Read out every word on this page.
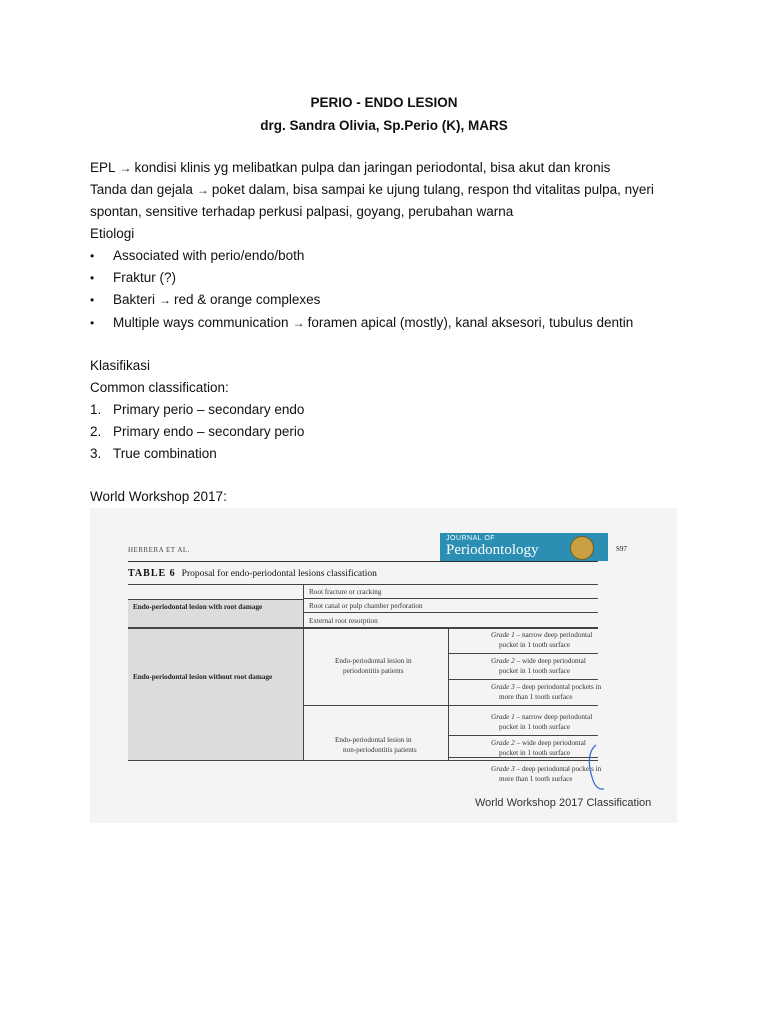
PERIO - ENDO LESION
drg. Sandra Olivia, Sp.Perio (K), MARS
EPL → kondisi klinis yg melibatkan pulpa dan jaringan periodontal, bisa akut dan kronis
Tanda dan gejala → poket dalam, bisa sampai ke ujung tulang, respon thd vitalitas pulpa, nyeri
spontan, sensitive terhadap perkusi palpasi, goyang, perubahan warna
Etiologi
• Associated with perio/endo/both
• Fraktur (?)
• Bakteri → red & orange complexes
• Multiple ways communication → foramen apical (mostly), kanal aksesori, tubulus dentin
Klasifikasi
Common classification:
1. Primary perio – secondary endo
2. Primary endo – secondary perio
3. True combination
World Workshop 2017:
HERRERA ET AL.
JOURNAL OF
Periodontology	S97
TABLE 6 Proposal for endo-periodontal lesions classification
Endo-periodontal lesion with root damage
Root fracture or cracking
Root canal or pulp chamber perforation
External root resorption
Endo-periodontal lesion without root damage
Endo-periodontal lesion in
periodontitis patients
Grade 1 – narrow deep periodontal
pocket in 1 tooth surface
Grade 2 – wide deep periodontal
pocket in 1 tooth surface
Grade 3 – deep periodontal pockets in
more than 1 tooth surface
Endo-periodontal lesion in
non-periodontitis patients
Grade 1 – narrow deep periodontal
pocket in 1 tooth surface
Grade 2 – wide deep periodontal
pocket in 1 tooth surface
Grade 3 – deep periodontal pockets in
more than 1 tooth surface
World Workshop 2017 Classification
